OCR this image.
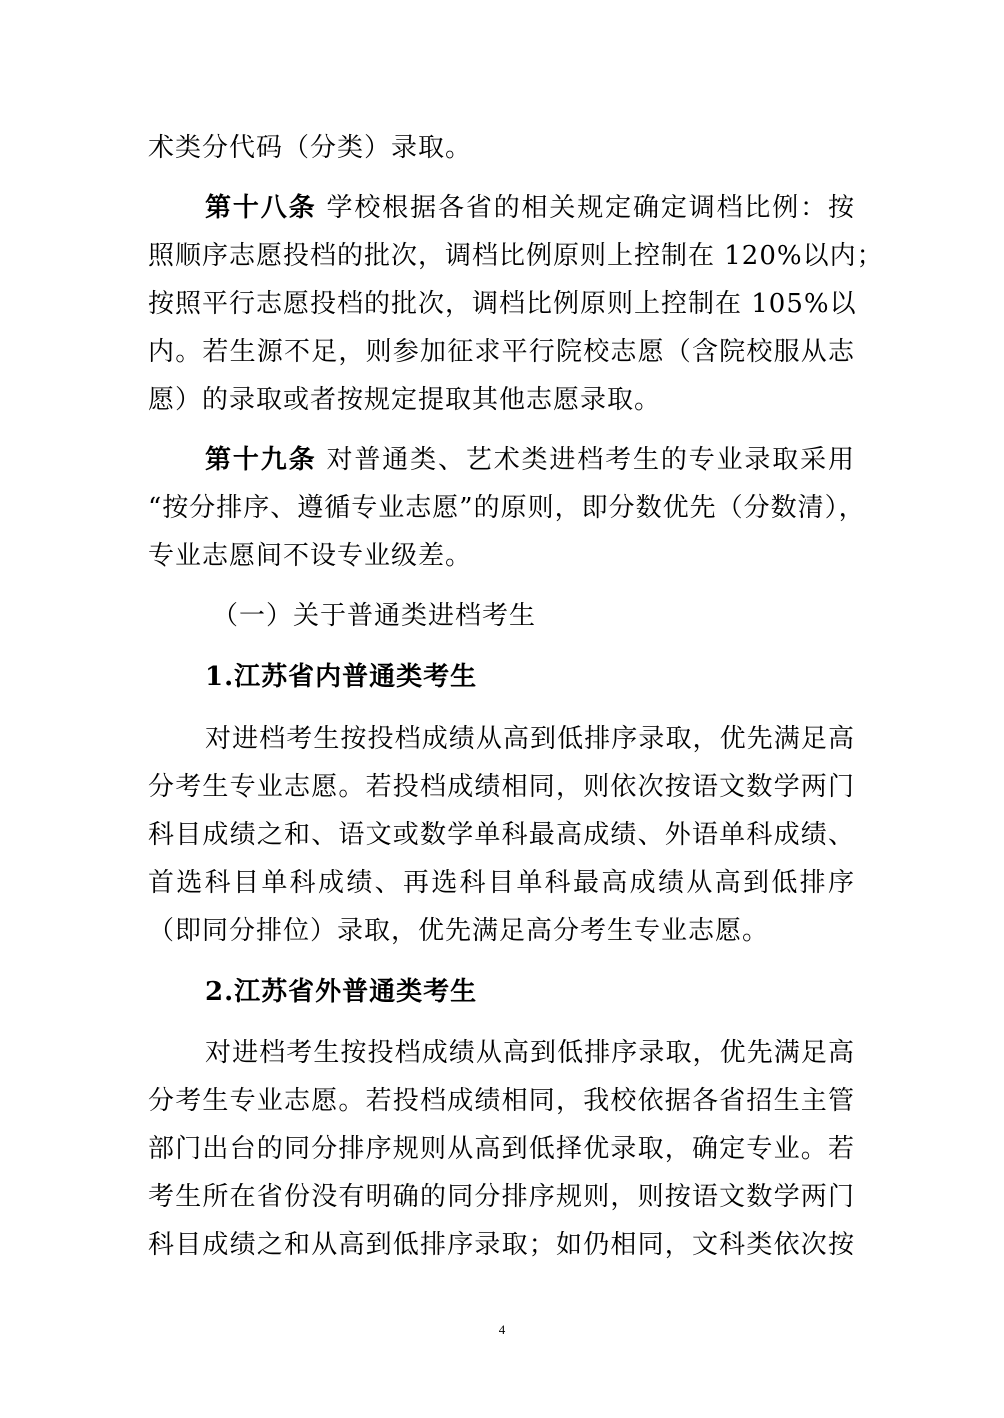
术类分代码（分类）录取。
第十八条 学校根据各省的相关规定确定调档比例：按
照顺序志愿投档的批次，调档比例原则上控制在 120%以内；
按照平行志愿投档的批次，调档比例原则上控制在 105%以
内。若生源不足，则参加征求平行院校志愿（含院校服从志
愿）的录取或者按规定提取其他志愿录取。
第十九条 对普通类、艺术类进档考生的专业录取采用
“按分排序、遵循专业志愿”的原则，即分数优先（分数清），
专业志愿间不设专业级差。
（一）关于普通类进档考生
1.江苏省内普通类考生
对进档考生按投档成绩从高到低排序录取，优先满足高
分考生专业志愿。若投档成绩相同，则依次按语文数学两门
科目成绩之和、语文或数学单科最高成绩、外语单科成绩、
首选科目单科成绩、再选科目单科最高成绩从高到低排序
（即同分排位）录取，优先满足高分考生专业志愿。
2.江苏省外普通类考生
对进档考生按投档成绩从高到低排序录取，优先满足高
分考生专业志愿。若投档成绩相同，我校依据各省招生主管
部门出台的同分排序规则从高到低择优录取，确定专业。若
考生所在省份没有明确的同分排序规则，则按语文数学两门
科目成绩之和从高到低排序录取；如仍相同，文科类依次按
4
